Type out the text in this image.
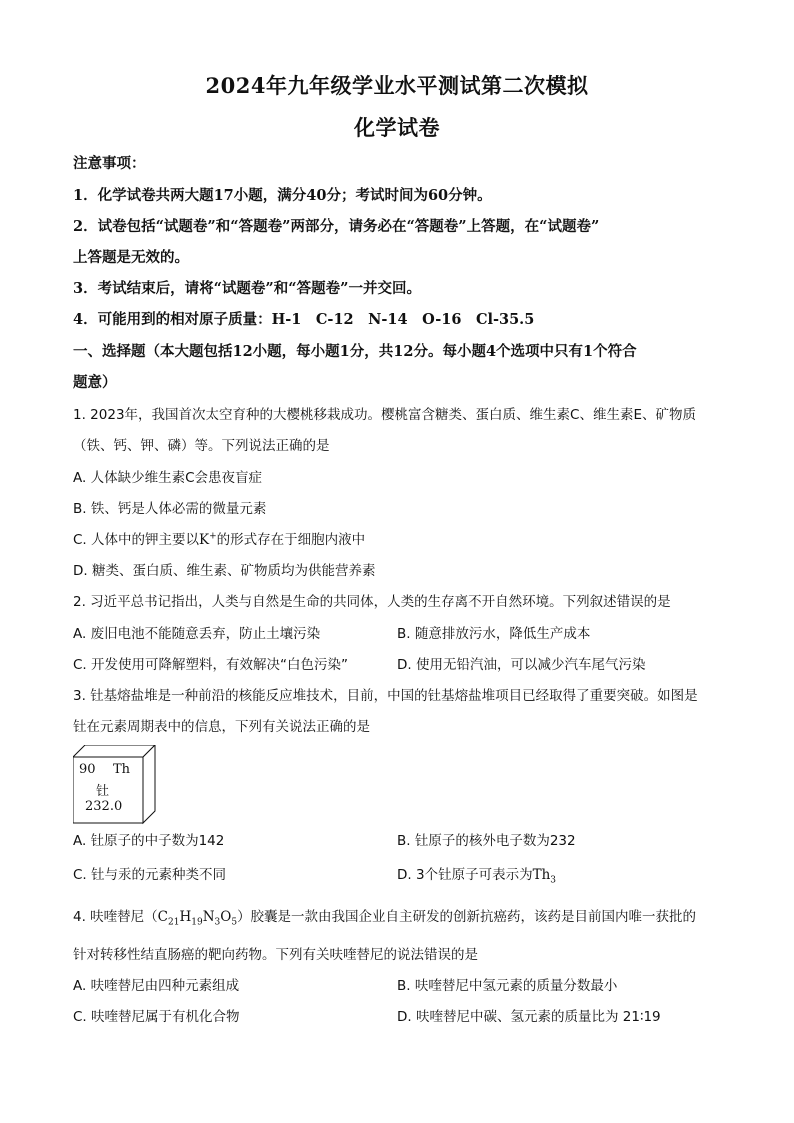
2024年九年级学业水平测试第二次模拟
化学试卷
注意事项：
1．化学试卷共两大题17小题，满分40分；考试时间为60分钟。
2．试卷包括“试题卷”和“答题卷”两部分，请务必在“答题卷”上答题，在“试题卷”
上答题是无效的。
3．考试结束后，请将“试题卷”和“答题卷”一并交回。
4．可能用到的相对原子质量：H-1　C-12　N-14　O-16　Cl-35.5
一、选择题（本大题包括12小题，每小题1分，共12分。每小题4个选项中只有1个符合
题意）
1. 2023年，我国首次太空育种的大樱桃移栽成功。樱桃富含糖类、蛋白质、维生素C、维生素E、矿物质
（铁、钙、钾、磷）等。下列说法正确的是
A. 人体缺少维生素C会患夜盲症
B. 铁、钙是人体必需的微量元素
C. 人体中的钾主要以K+的形式存在于细胞内液中
D. 糖类、蛋白质、维生素、矿物质均为供能营养素
2. 习近平总书记指出，人类与自然是生命的共同体，人类的生存离不开自然环境。下列叙述错误的是
A. 废旧电池不能随意丢弃，防止土壤污染	B. 随意排放污水，降低生产成本
C. 开发使用可降解塑料，有效解决“白色污染”	D. 使用无铅汽油，可以减少汽车尾气污染
3. 钍基熔盐堆是一种前沿的核能反应堆技术，目前，中国的钍基熔盐堆项目已经取得了重要突破。如图是
钍在元素周期表中的信息，下列有关说法正确的是
90 Th
钍
232.0
A. 钍原子的中子数为142	B. 钍原子的核外电子数为232
C. 钍与汞的元素种类不同	D. 3个钍原子可表示为$Th_3$
4. 呋喹替尼$(C_{21}H_{19}N_3O_5)$胶囊是一款由我国企业自主研发的创新抗癌药，该药是目前国内唯一获批的
针对转移性结直肠癌的靶向药物。下列有关呋喹替尼的说法错误的是
A. 呋喹替尼由四种元素组成	B. 呋喹替尼中氢元素的质量分数最小
C. 呋喹替尼属于有机化合物	D. 呋喹替尼中碳、氢元素的质量比为 21∶19
